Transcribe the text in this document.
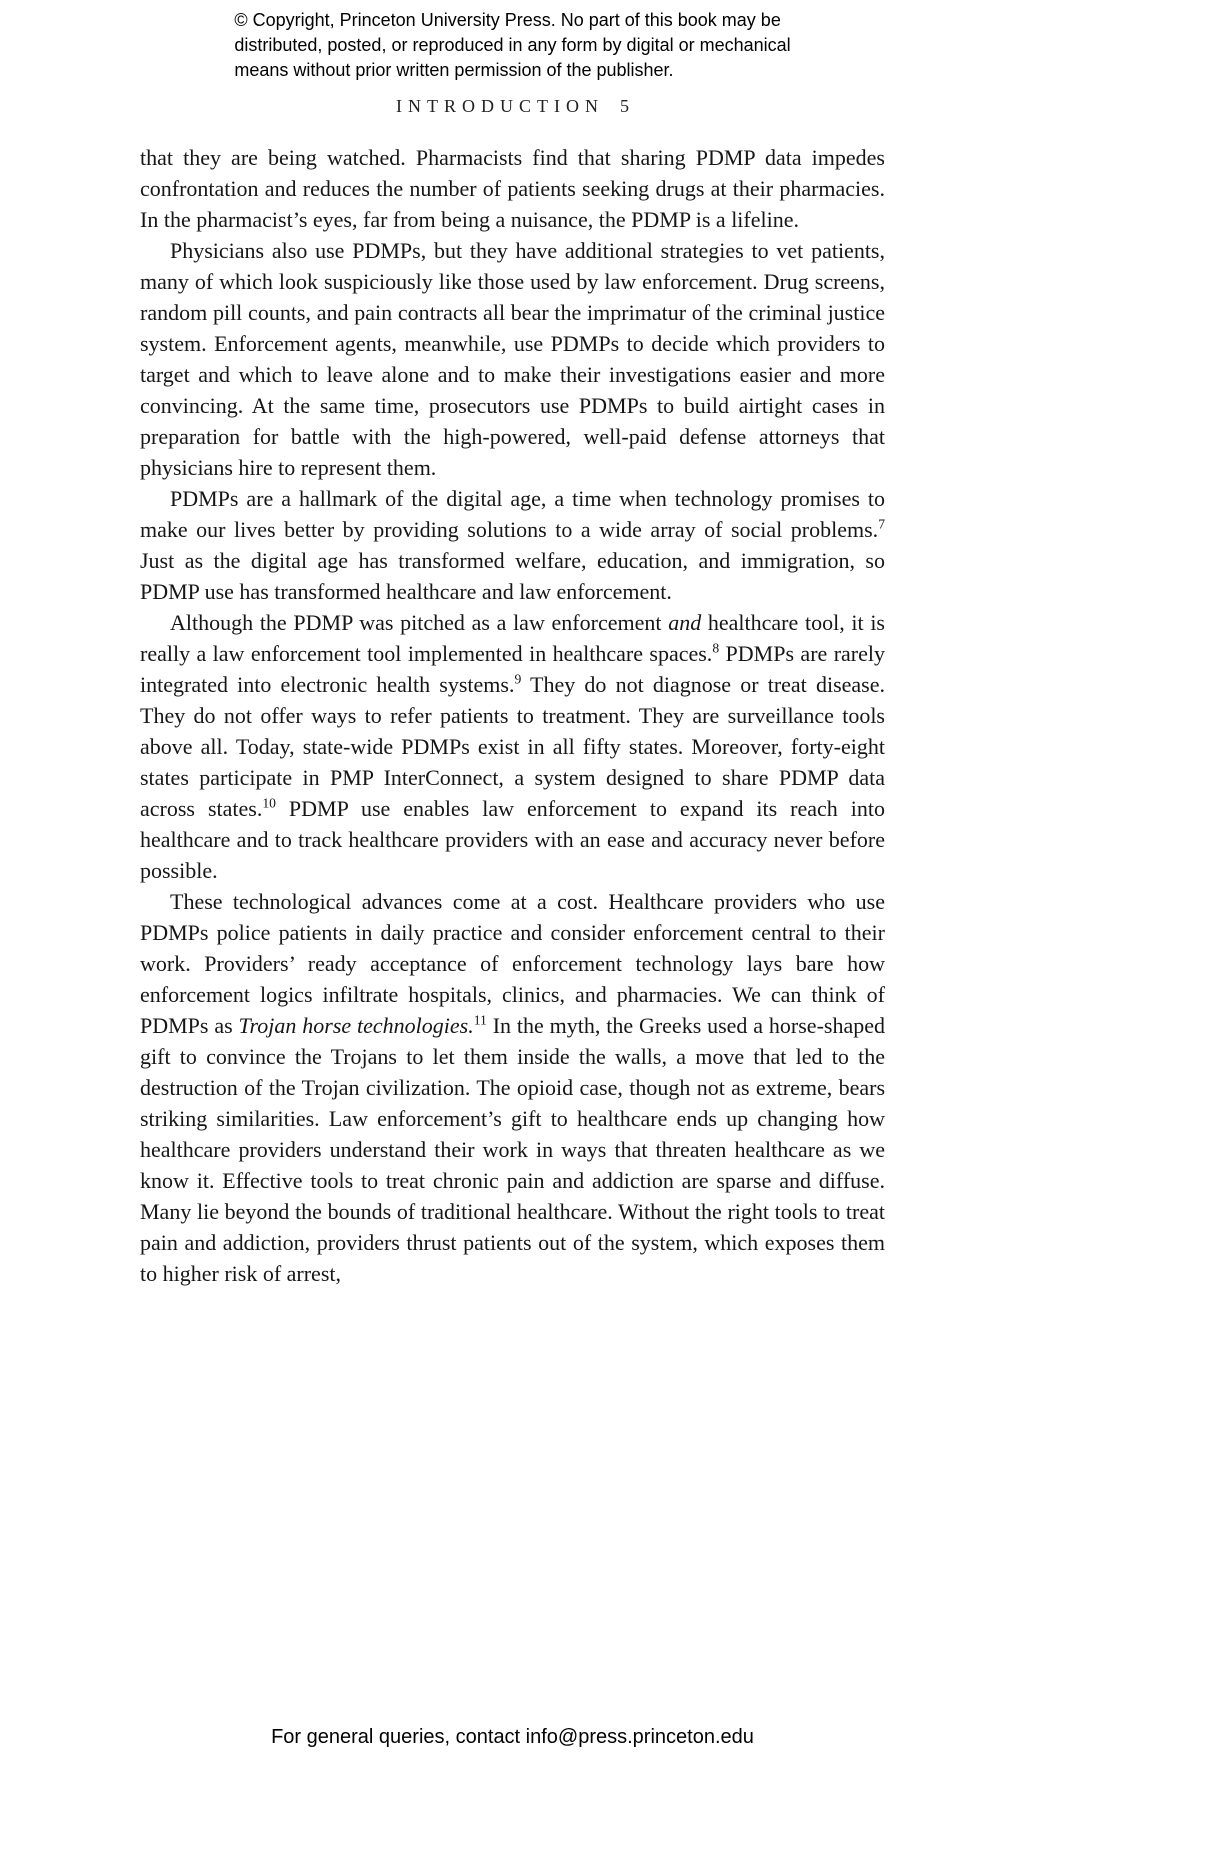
© Copyright, Princeton University Press. No part of this book may be
distributed, posted, or reproduced in any form by digital or mechanical
means without prior written permission of the publisher.
INTRODUCTION 5

that they are being watched. Pharmacists find that sharing PDMP data impedes confrontation and reduces the number of patients seeking drugs at their pharmacies. In the pharmacist’s eyes, far from being a nuisance, the PDMP is a lifeline.

Physicians also use PDMPs, but they have additional strategies to vet patients, many of which look suspiciously like those used by law enforcement. Drug screens, random pill counts, and pain contracts all bear the imprimatur of the criminal justice system. Enforcement agents, meanwhile, use PDMPs to decide which providers to target and which to leave alone and to make their investigations easier and more convincing. At the same time, prosecutors use PDMPs to build airtight cases in preparation for battle with the high-powered, well-paid defense attorneys that physicians hire to represent them.

PDMPs are a hallmark of the digital age, a time when technology promises to make our lives better by providing solutions to a wide array of social problems.$^7$ Just as the digital age has transformed welfare, education, and immigration, so PDMP use has transformed healthcare and law enforcement.

Although the PDMP was pitched as a law enforcement and healthcare tool, it is really a law enforcement tool implemented in healthcare spaces.$^8$ PDMPs are rarely integrated into electronic health systems.$^9$ They do not diagnose or treat disease. They do not offer ways to refer patients to treatment. They are surveillance tools above all. Today, state-wide PDMPs exist in all fifty states. Moreover, forty-eight states participate in PMP InterConnect, a system designed to share PDMP data across states.$^{10}$ PDMP use enables law enforcement to expand its reach into healthcare and to track healthcare providers with an ease and accuracy never before possible.

These technological advances come at a cost. Healthcare providers who use PDMPs police patients in daily practice and consider enforcement central to their work. Providers’ ready acceptance of enforcement technology lays bare how enforcement logics infiltrate hospitals, clinics, and pharmacies. We can think of PDMPs as Trojan horse technologies.$^{11}$ In the myth, the Greeks used a horse-shaped gift to convince the Trojans to let them inside the walls, a move that led to the destruction of the Trojan civilization. The opioid case, though not as extreme, bears striking similarities. Law enforcement’s gift to healthcare ends up changing how healthcare providers understand their work in ways that threaten healthcare as we know it. Effective tools to treat chronic pain and addiction are sparse and diffuse. Many lie beyond the bounds of traditional healthcare. Without the right tools to treat pain and addiction, providers thrust patients out of the system, which exposes them to higher risk of arrest,

For general queries, contact info@press.princeton.edu
